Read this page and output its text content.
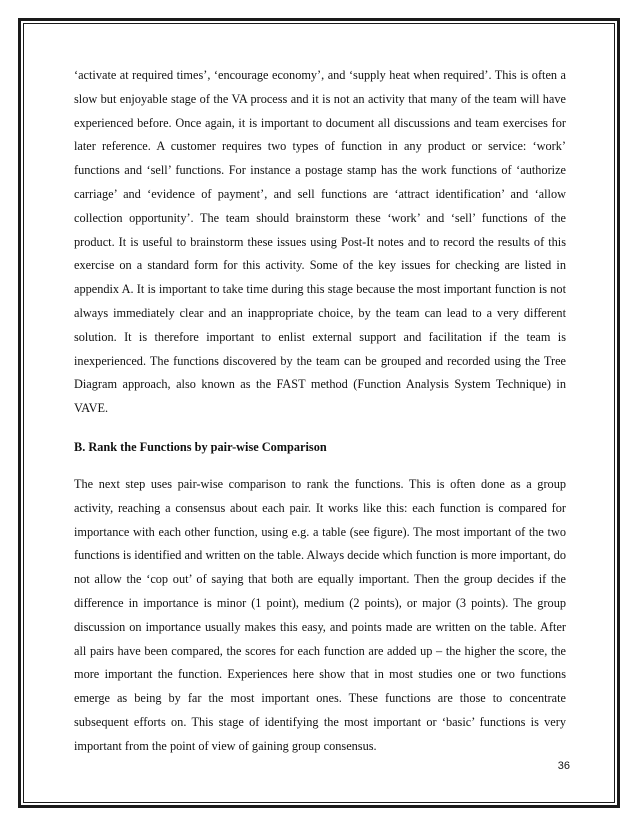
‘activate at required times’, ‘encourage economy’, and ‘supply heat when required’. This is often a slow but enjoyable stage of the VA process and it is not an activity that many of the team will have experienced before. Once again, it is important to document all discussions and team exercises for later reference. A customer requires two types of function in any product or service: ‘work’ functions and ‘sell’ functions. For instance a postage stamp has the work functions of ‘authorize carriage’ and ‘evidence of payment’, and sell functions are ‘attract identification’ and ‘allow collection opportunity’. The team should brainstorm these ‘work’ and ‘sell’ functions of the product. It is useful to brainstorm these issues using Post-It notes and to record the results of this exercise on a standard form for this activity. Some of the key issues for checking are listed in appendix A. It is important to take time during this stage because the most important function is not always immediately clear and an inappropriate choice, by the team can lead to a very different solution. It is therefore important to enlist external support and facilitation if the team is inexperienced. The functions discovered by the team can be grouped and recorded using the Tree Diagram approach, also known as the FAST method (Function Analysis System Technique) in VAVE.

B. Rank the Functions by pair-wise Comparison

The next step uses pair-wise comparison to rank the functions. This is often done as a group activity, reaching a consensus about each pair. It works like this: each function is compared for importance with each other function, using e.g. a table (see figure). The most important of the two functions is identified and written on the table. Always decide which function is more important, do not allow the ‘cop out’ of saying that both are equally important. Then the group decides if the difference in importance is minor (1 point), medium (2 points), or major (3 points). The group discussion on importance usually makes this easy, and points made are written on the table. After all pairs have been compared, the scores for each function are added up – the higher the score, the more important the function. Experiences here show that in most studies one or two functions emerge as being by far the most important ones. These functions are those to concentrate subsequent efforts on. This stage of identifying the most important or ‘basic’ functions is very important from the point of view of gaining group consensus.

36
